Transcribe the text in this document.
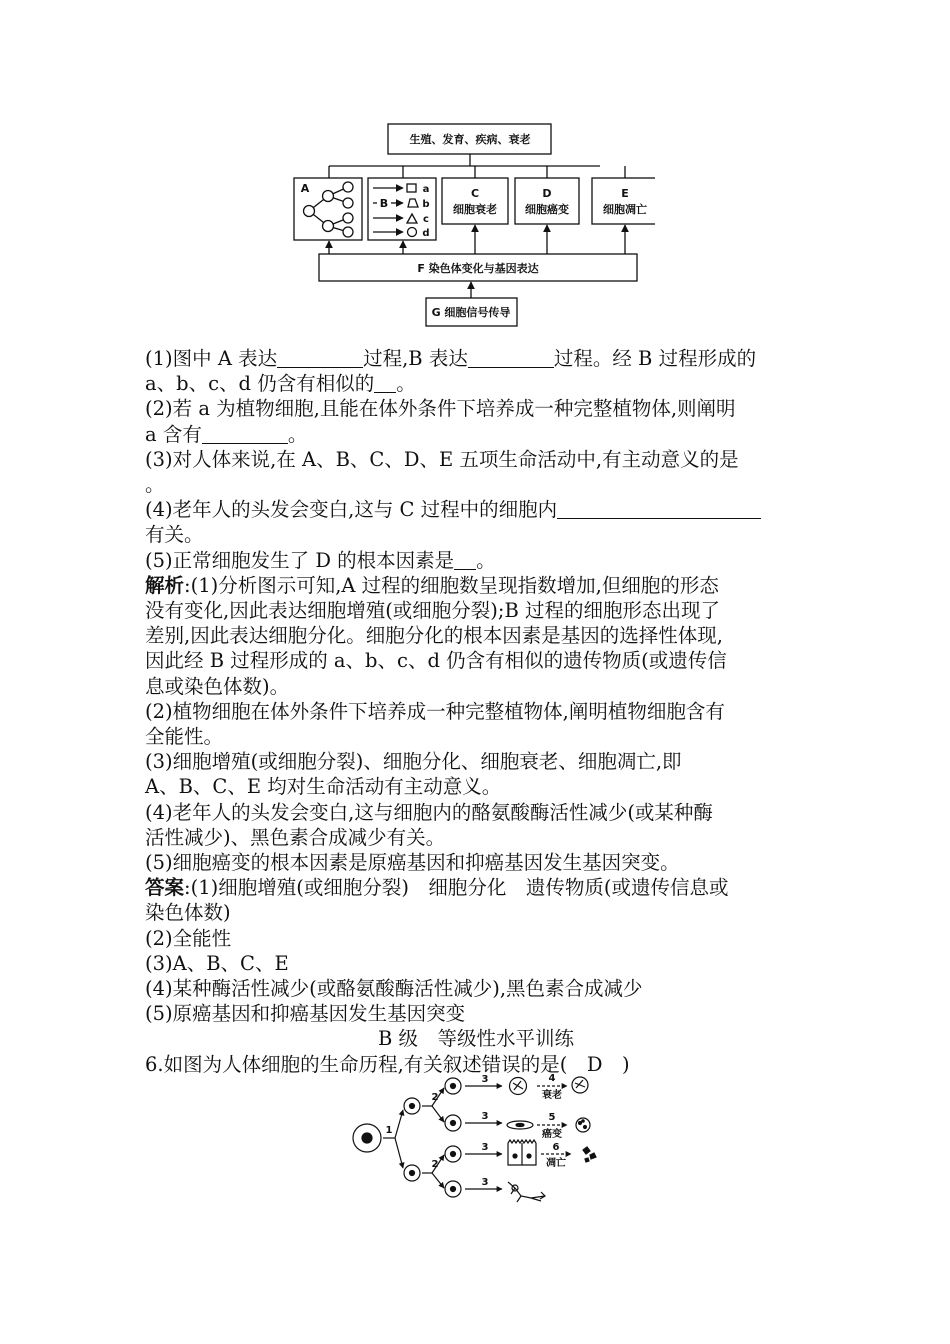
生殖、发育、疾病、衰老
A
B
a
b
c
d
C
细胞衰老
D
细胞癌变
E
细胞凋亡
F 染色体变化与基因表达
G 细胞信号传导

(1)图中 A 表达	过程,B 表达	过程。经 B 过程形成的

a、b、c、d 仍含有相似的 。

(2)若 a 为植物细胞,且能在体外条件下培养成一种完整植物体,则阐明

a 含有	。

(3)对人体来说,在 A、B、C、D、E 五项生命活动中,有主动意义的是

。

(4)老年人的头发会变白,这与 C 过程中的细胞内

有关。

(5)正常细胞发生了 D 的根本因素是 。

解析:(1)分析图示可知,A 过程的细胞数呈现指数增加,但细胞的形态

没有变化,因此表达细胞增殖(或细胞分裂);B 过程的细胞形态出现了

差别,因此表达细胞分化。细胞分化的根本因素是基因的选择性体现,

因此经 B 过程形成的 a、b、c、d 仍含有相似的遗传物质(或遗传信

息或染色体数)。

(2)植物细胞在体外条件下培养成一种完整植物体,阐明植物细胞含有

全能性。

(3)细胞增殖(或细胞分裂)、细胞分化、细胞衰老、细胞凋亡,即

A、B、C、E 均对生命活动有主动意义。

(4)老年人的头发会变白,这与细胞内的酪氨酸酶活性减少(或某种酶

活性减少)、黑色素合成减少有关。

(5)细胞癌变的根本因素是原癌基因和抑癌基因发生基因突变。

答案:(1)细胞增殖(或细胞分裂)　细胞分化　遗传物质(或遗传信息或

染色体数)

(2)全能性

(3)A、B、C、E

(4)某种酶活性减少(或酪氨酸酶活性减少),黑色素合成减少

(5)原癌基因和抑癌基因发生基因突变

B 级　等级性水平训练

6.如图为人体细胞的生命历程,有关叙述错误的是(　D　)

1
2
2
3
3
3
3
4
衰老
5
癌变
6
凋亡
